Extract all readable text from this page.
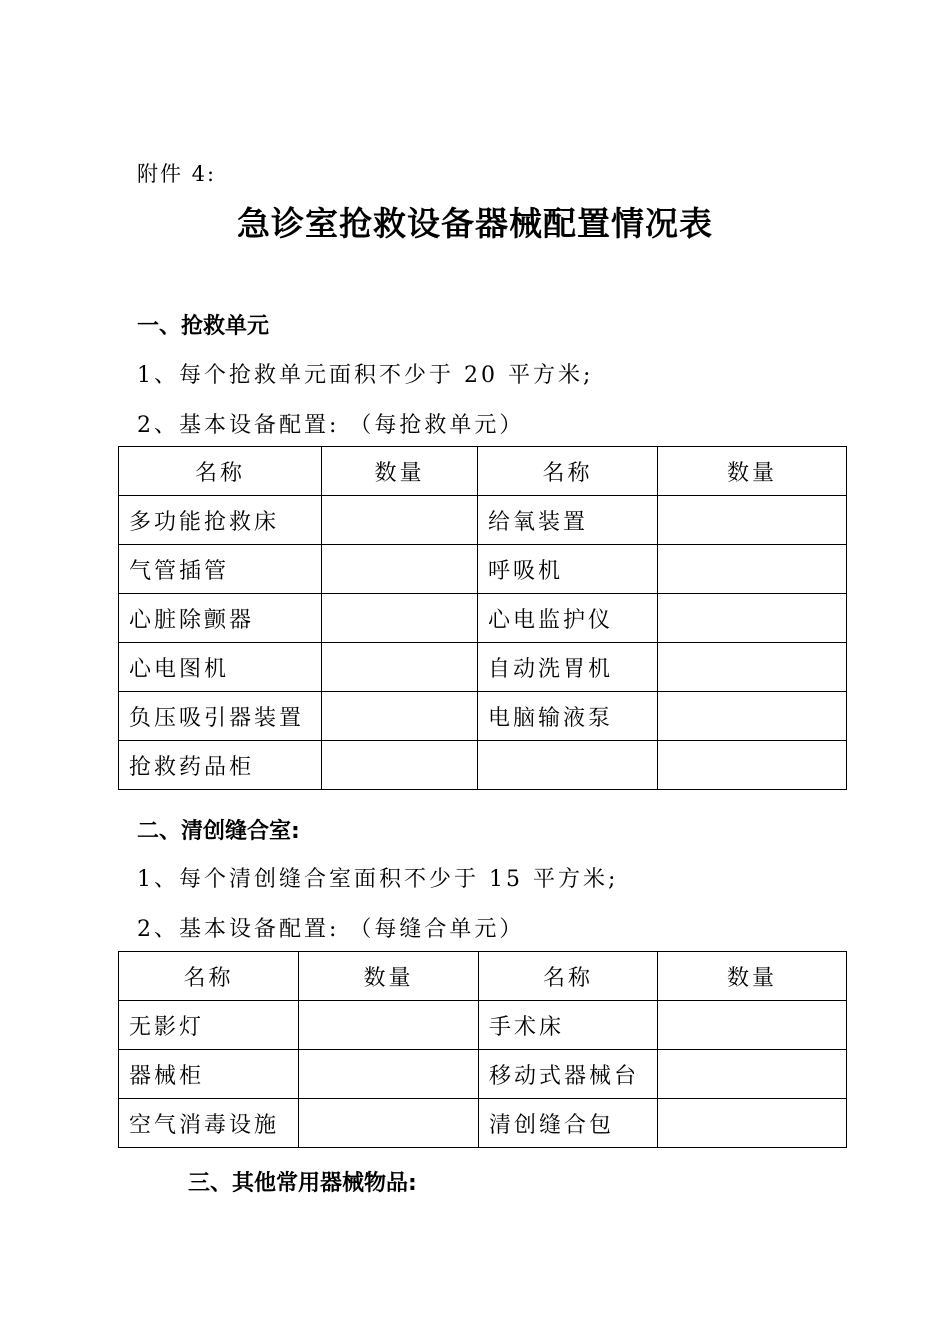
附件 4:
急诊室抢救设备器械配置情况表
一、抢救单元
1、每个抢救单元面积不少于 20 平方米;
2、基本设备配置: （每抢救单元）
名称	数量	名称	数量
多功能抢救床		给氧装置	
气管插管		呼吸机	
心脏除颤器		心电监护仪	
心电图机		自动洗胃机	
负压吸引器装置		电脑输液泵	
抢救药品柜			
二、清创缝合室:
1、每个清创缝合室面积不少于 15 平方米;
2、基本设备配置: （每缝合单元）
名称	数量	名称	数量
无影灯		手术床	
器械柜		移动式器械台	
空气消毒设施		清创缝合包	
三、其他常用器械物品:
